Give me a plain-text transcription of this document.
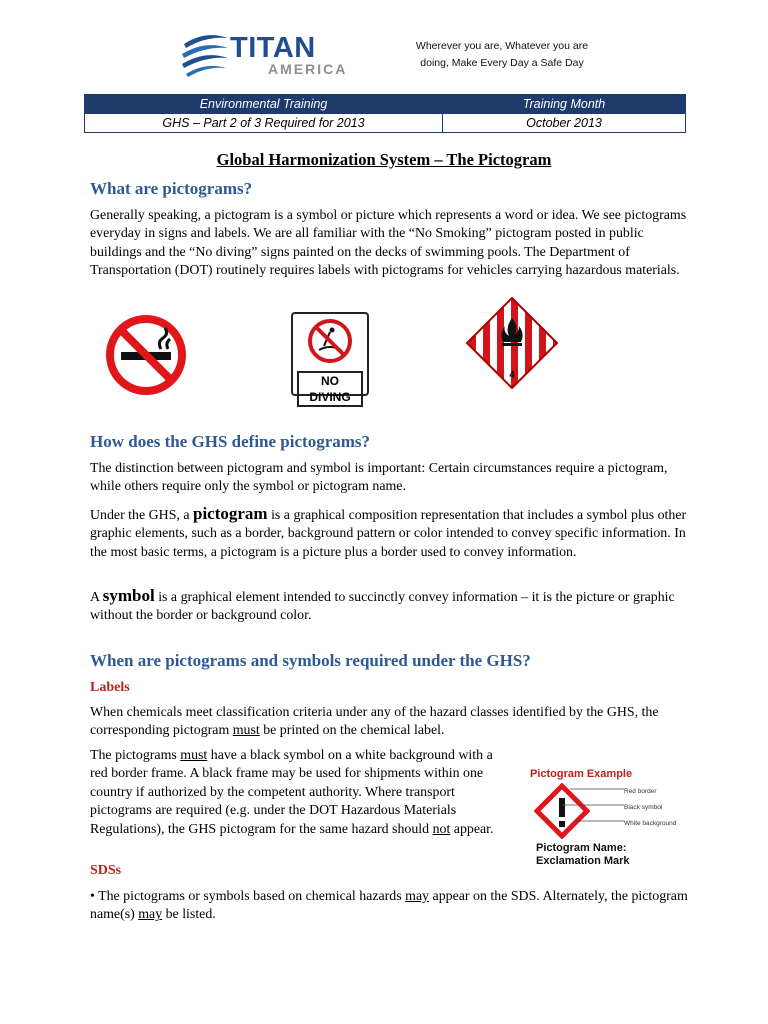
TITAN
AMERICA
Wherever you are, Whatever you are
doing, Make Every Day a Safe Day
Environmental Training	Training Month
GHS – Part 2 of 3 Required for 2013	October 2013
Global Harmonization System – The Pictogram
What are pictograms?

Generally speaking, a pictogram is a symbol or picture which represents a word or idea. We see pictograms everyday in signs and labels. We are all familiar with the “No Smoking” pictogram posted in public buildings and the “No diving” signs painted on the decks of swimming pools. The Department of Transportation (DOT) routinely requires labels with pictograms for vehicles carrying hazardous materials.

NO DIVING
4
How does the GHS define pictograms?

The distinction between pictogram and symbol is important: Certain circumstances require a pictogram, while others require only the symbol or pictogram name.

Under the GHS, a pictogram is a graphical composition representation that includes a symbol plus other graphic elements, such as a border, background pattern or color intended to convey specific information. In the most basic terms, a pictogram is a picture plus a border used to convey information.

A symbol is a graphical element intended to succinctly convey information – it is the picture or graphic without the border or background color.

When are pictograms and symbols required under the GHS?
Labels

When chemicals meet classification criteria under any of the hazard classes identified by the GHS, the corresponding pictogram must be printed on the chemical label.

The pictograms must have a black symbol on a white background with a red border frame. A black frame may be used for shipments within one country if authorized by the competent authority. Where transport pictograms are required (e.g. under the DOT Hazardous Materials Regulations), the GHS pictogram for the same hazard should not appear.

Pictogram Example
Red border
Black symbol
White background
Pictogram Name:
Exclamation Mark
SDSs

• The pictograms or symbols based on chemical hazards may appear on the SDS. Alternately, the pictogram name(s) may be listed.
